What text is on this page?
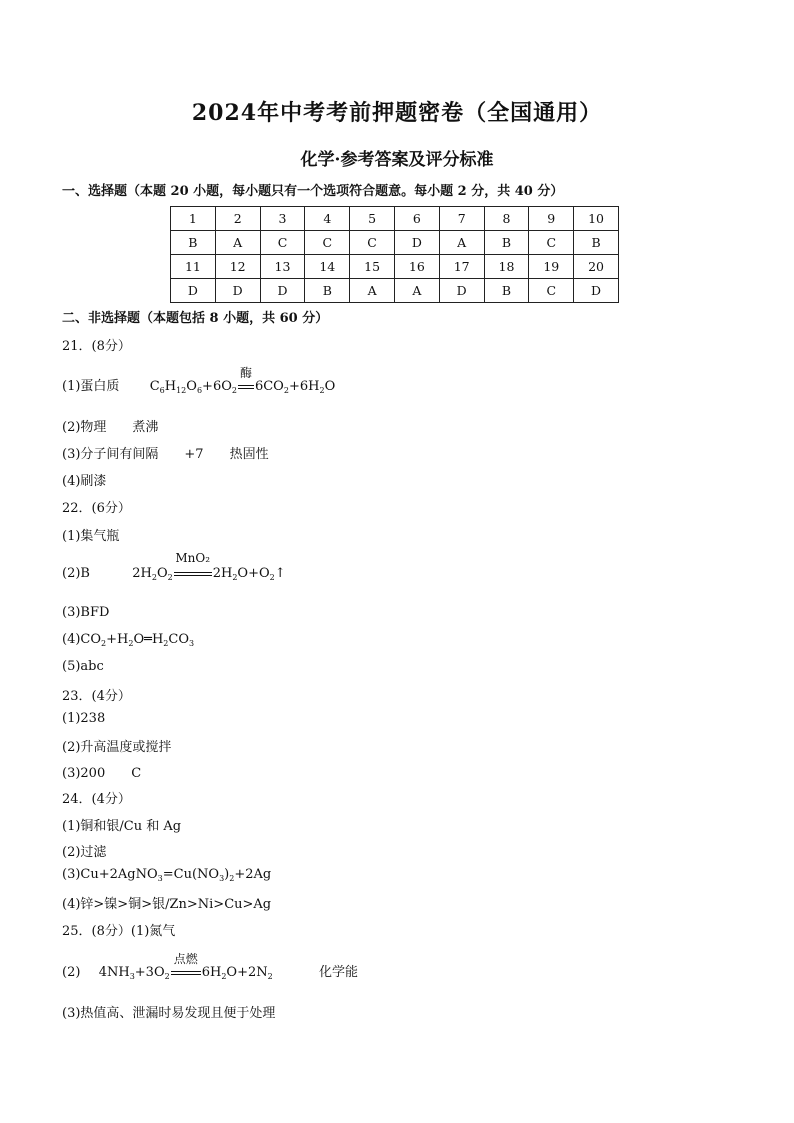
2024年中考考前押题密卷（全国通用）
化学·参考答案及评分标准
一、选择题（本题 20 小题，每小题只有一个选项符合题意。每小题 2 分，共 40 分）
1	2	3	4	5	6	7	8	9	10
B	A	C	C	C	D	A	B	C	B
11	12	13	14	15	16	17	18	19	20
D	D	D	B	A	A	D	B	C	D
二、非选择题（本题包括 8 小题，共 60 分）
21．(8分）
(1)蛋白质 $C_6H_{12}O_6+6O_2$
酶
$6CO_2+6H_2O$
(2)物理　　煮沸
(3)分子间有间隔　　+7　　热固性
(4)刷漆
22．(6分）
(1)集气瓶
(2)B	$2H_2O_2$
MnO₂
$2H_2O+O_2↑$
(3)BFD
$(4)CO_2+H_2O═H_2CO_3$
(5)abc
23．(4分）
(1)238
(2)升高温度或搅拌
(3)200　　C
24．(4分）
(1)铜和银/Cu 和 Ag
(2)过滤
$(3)Cu+2AgNO_3=Cu(NO_3)_2+2Ag$
(4)锌>镍>铜>银/Zn>Ni>Cu>Ag
25．(8分）(1)氮气
(2) $4NH_3+3O_2$
点燃
$6H_2O+2N_2$	化学能
(3)热值高、泄漏时易发现且便于处理
